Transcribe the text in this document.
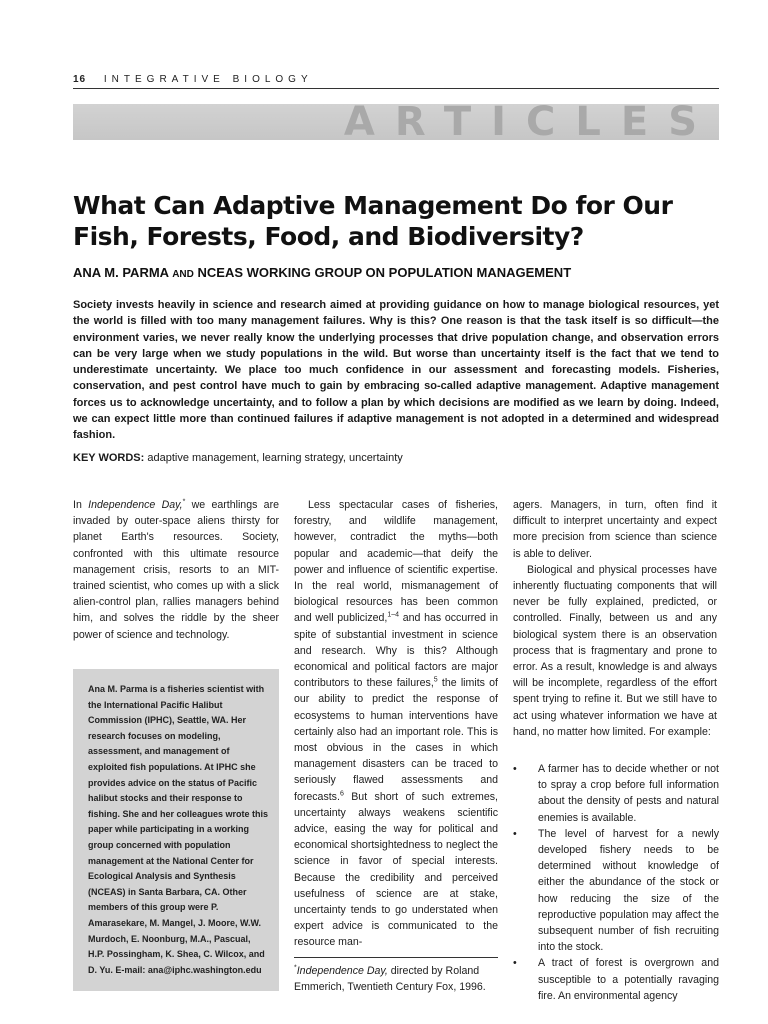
16 INTEGRATIVE BIOLOGY
ARTICLES
What Can Adaptive Management Do for Our Fish, Forests, Food, and Biodiversity?
ANA M. PARMA AND NCEAS WORKING GROUP ON POPULATION MANAGEMENT

Society invests heavily in science and research aimed at providing guidance on how to manage biological resources, yet the world is filled with too many management failures. Why is this? One reason is that the task itself is so difficult—the environment varies, we never really know the underlying processes that drive population change, and observation errors can be very large when we study populations in the wild. But worse than uncertainty itself is the fact that we tend to underestimate uncertainty. We place too much confidence in our assessment and forecasting models. Fisheries, conservation, and pest control have much to gain by embracing so-called adaptive management. Adaptive management forces us to acknowledge uncertainty, and to follow a plan by which decisions are modified as we learn by doing. Indeed, we can expect little more than continued failures if adaptive management is not adopted in a determined and widespread fashion.

KEY WORDS: adaptive management, learning strategy, uncertainty

In Independence Day,* we earthlings are invaded by outer-space aliens thirsty for planet Earth's resources. Society, confronted with this ultimate resource management crisis, resorts to an MIT-trained scientist, who comes up with a slick alien-control plan, rallies managers behind him, and solves the riddle by the sheer power of science and technology.

Ana M. Parma is a fisheries scientist with the International Pacific Halibut Commission (IPHC), Seattle, WA. Her research focuses on modeling, assessment, and management of exploited fish populations. At IPHC she provides advice on the status of Pacific halibut stocks and their response to fishing. She and her colleagues wrote this paper while participating in a working group concerned with population management at the National Center for Ecological Analysis and Synthesis (NCEAS) in Santa Barbara, CA. Other members of this group were P. Amarasekare, M. Mangel, J. Moore, W.W. Murdoch, E. Noonburg, M.A., Pascual, H.P. Possingham, K. Shea, C. Wilcox, and D. Yu. E-mail: ana@iphc.washington.edu

Less spectacular cases of fisheries, forestry, and wildlife management, however, contradict the myths—both popular and academic—that deify the power and influence of scientific expertise. In the real world, mismanagement of biological resources has been common and well publicized,$^{1-4}$ and has occurred in spite of substantial investment in science and research. Why is this? Although economical and political factors are major contributors to these failures,$^5$ the limits of our ability to predict the response of ecosystems to human interventions have certainly also had an important role. This is most obvious in the cases in which management disasters can be traced to seriously flawed assessments and forecasts.$^6$ But short of such extremes, uncertainty always weakens scientific advice, easing the way for political and economical shortsightedness to neglect the science in favor of special interests. Because the credibility and perceived usefulness of science are at stake, uncertainty tends to go understated when expert advice is communicated to the resource man-

*Independence Day, directed by Roland Emmerich, Twentieth Century Fox, 1996.

agers. Managers, in turn, often find it difficult to interpret uncertainty and expect more precision from science than science is able to deliver.

Biological and physical processes have inherently fluctuating components that will never be fully explained, predicted, or controlled. Finally, between us and any biological system there is an observation process that is fragmentary and prone to error. As a result, knowledge is and always will be incomplete, regardless of the effort spent trying to refine it. But we still have to act using whatever information we have at hand, no matter how limited. For example:

• A farmer has to decide whether or not to spray a crop before full information about the density of pests and natural enemies is available.
• The level of harvest for a newly developed fishery needs to be determined without knowledge of either the abundance of the stock or how reducing the size of the reproductive population may affect the subsequent number of fish recruiting into the stock.
• A tract of forest is overgrown and susceptible to a potentially ravaging fire. An environmental agency
